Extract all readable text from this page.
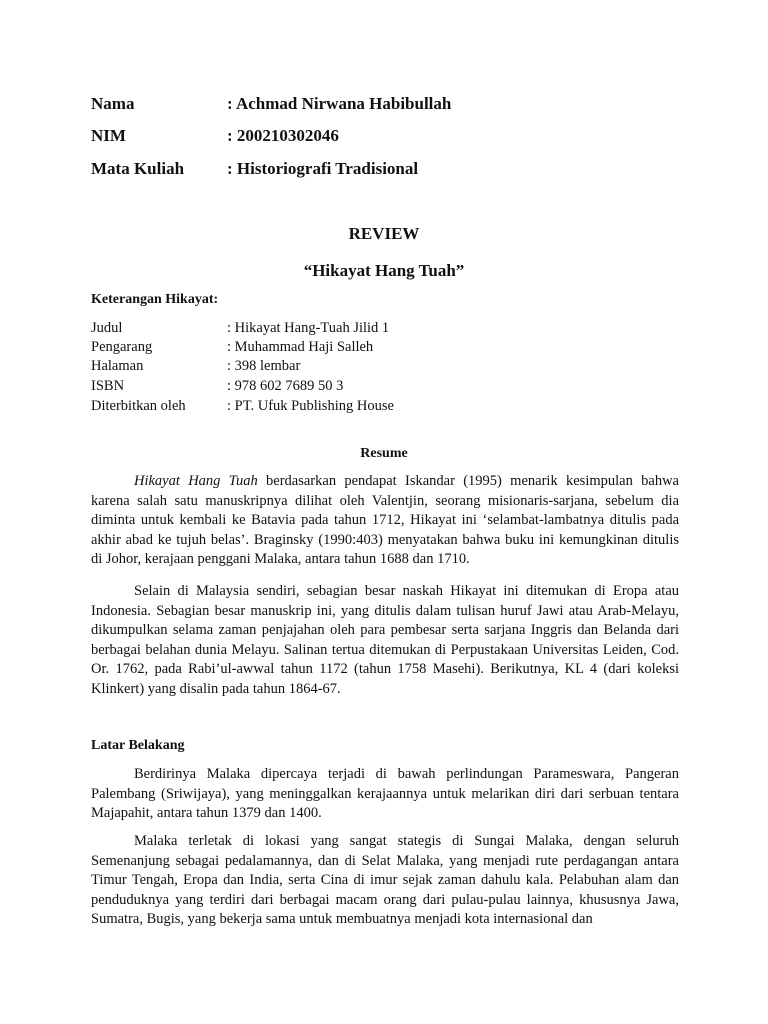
Nama	: Achmad Nirwana Habibullah
NIM	: 200210302046
Mata Kuliah	: Historiografi Tradisional
REVIEW
“Hikayat Hang Tuah”
Keterangan Hikayat:
Judul	: Hikayat Hang-Tuah Jilid 1
Pengarang	: Muhammad Haji Salleh
Halaman	: 398 lembar
ISBN	: 978 602 7689 50 3
Diterbitkan oleh	: PT. Ufuk Publishing House
Resume

Hikayat Hang Tuah berdasarkan pendapat Iskandar (1995) menarik kesimpulan bahwa karena salah satu manuskripnya dilihat oleh Valentjin, seorang misionaris-sarjana, sebelum dia diminta untuk kembali ke Batavia pada tahun 1712, Hikayat ini ‘selambat-lambatnya ditulis pada akhir abad ke tujuh belas’. Braginsky (1990:403) menyatakan bahwa buku ini kemungkinan ditulis di Johor, kerajaan penggani Malaka, antara tahun 1688 dan 1710.

Selain di Malaysia sendiri, sebagian besar naskah Hikayat ini ditemukan di Eropa atau Indonesia. Sebagian besar manuskrip ini, yang ditulis dalam tulisan huruf Jawi atau Arab-Melayu, dikumpulkan selama zaman penjajahan oleh para pembesar serta sarjana Inggris dan Belanda dari berbagai belahan dunia Melayu. Salinan tertua ditemukan di Perpustakaan Universitas Leiden, Cod. Or. 1762, pada Rabi’ul-awwal tahun 1172 (tahun 1758 Masehi). Berikutnya, KL 4 (dari koleksi Klinkert) yang disalin pada tahun 1864-67.

Latar Belakang

Berdirinya Malaka dipercaya terjadi di bawah perlindungan Parameswara, Pangeran Palembang (Sriwijaya), yang meninggalkan kerajaannya untuk melarikan diri dari serbuan tentara Majapahit, antara tahun 1379 dan 1400.

Malaka terletak di lokasi yang sangat stategis di Sungai Malaka, dengan seluruh Semenanjung sebagai pedalamannya, dan di Selat Malaka, yang menjadi rute perdagangan antara Timur Tengah, Eropa dan India, serta Cina di imur sejak zaman dahulu kala. Pelabuhan alam dan penduduknya yang terdiri dari berbagai macam orang dari pulau-pulau lainnya, khususnya Jawa, Sumatra, Bugis, yang bekerja sama untuk membuatnya menjadi kota internasional dan
